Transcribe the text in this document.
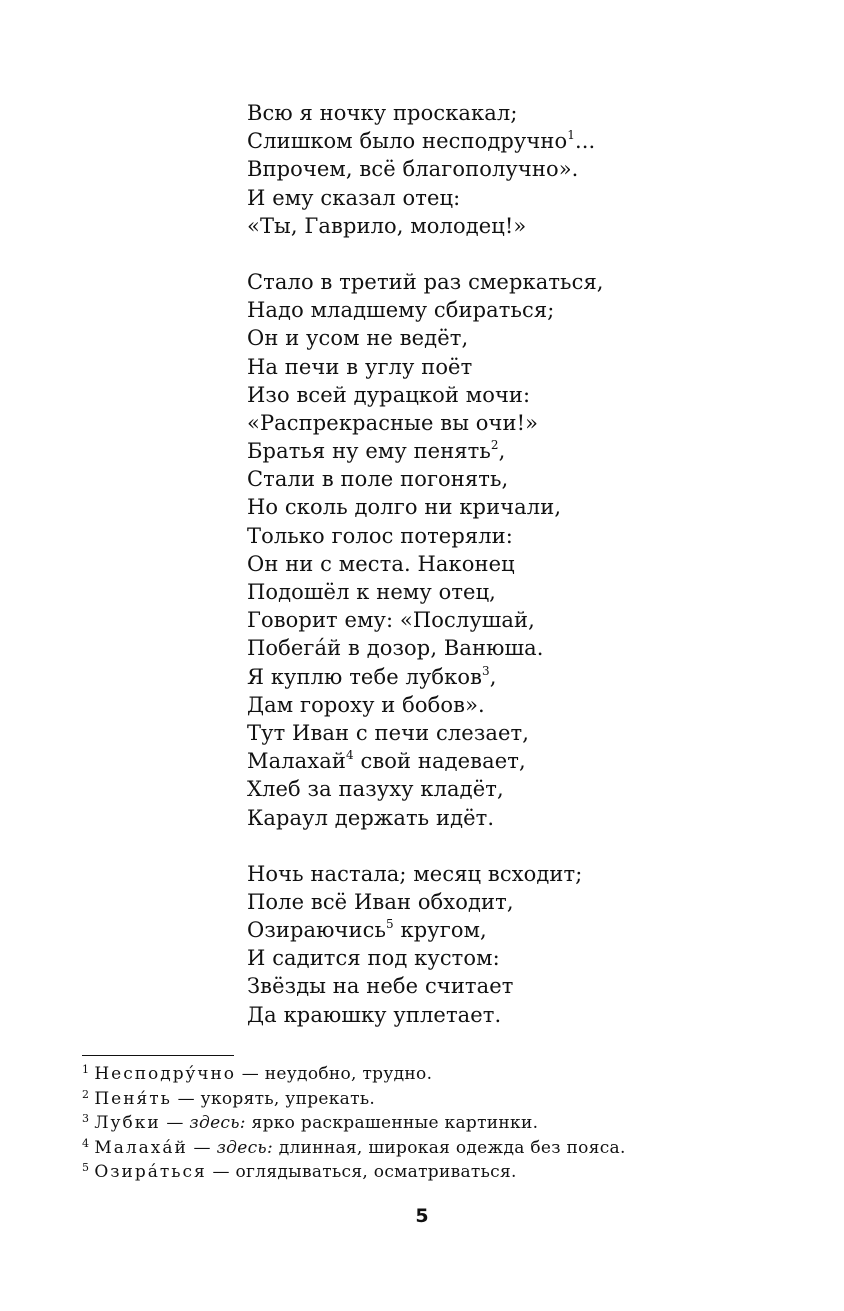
Всю я ночку проскакал;
Слишком было несподручно$^1$...
Впрочем, всё благополучно».
И ему сказал отец:
«Ты, Гаврило, молодец!»
Стало в третий раз смеркаться,
Надо младшему сбираться;
Он и усом не ведёт,
На печи в углу поёт
Изо всей дурацкой мочи:
«Распрекрасные вы очи!»
Братья ну ему пенять$^2$,
Стали в поле погонять,
Но сколь долго ни кричали,
Только голос потеряли:
Он ни с места. Наконец
Подошёл к нему отец,
Говорит ему: «Послушай,
Побегáй в дозор, Ванюша.
Я куплю тебе лубков$^3$,
Дам гороху и бобов».
Тут Иван с печи слезает,
Малахай$^4$ свой надевает,
Хлеб за пазуху кладёт,
Караул держать идёт.
Ночь настала; месяц всходит;
Поле всё Иван обходит,
Озираючись$^5$ кругом,
И садится под кустом:
Звёзды на небе считает
Да краюшку уплетает.
$^1$ Несподрýчно — неудобно, трудно.
$^2$ Пеня́ть — укорять, упрекать.
$^3$ Лубки — здесь: ярко раскрашенные картинки.
$^4$ Малахáй — здесь: длинная, широкая одежда без пояса.
$^5$ Озирáться — оглядываться, осматриваться.
5
